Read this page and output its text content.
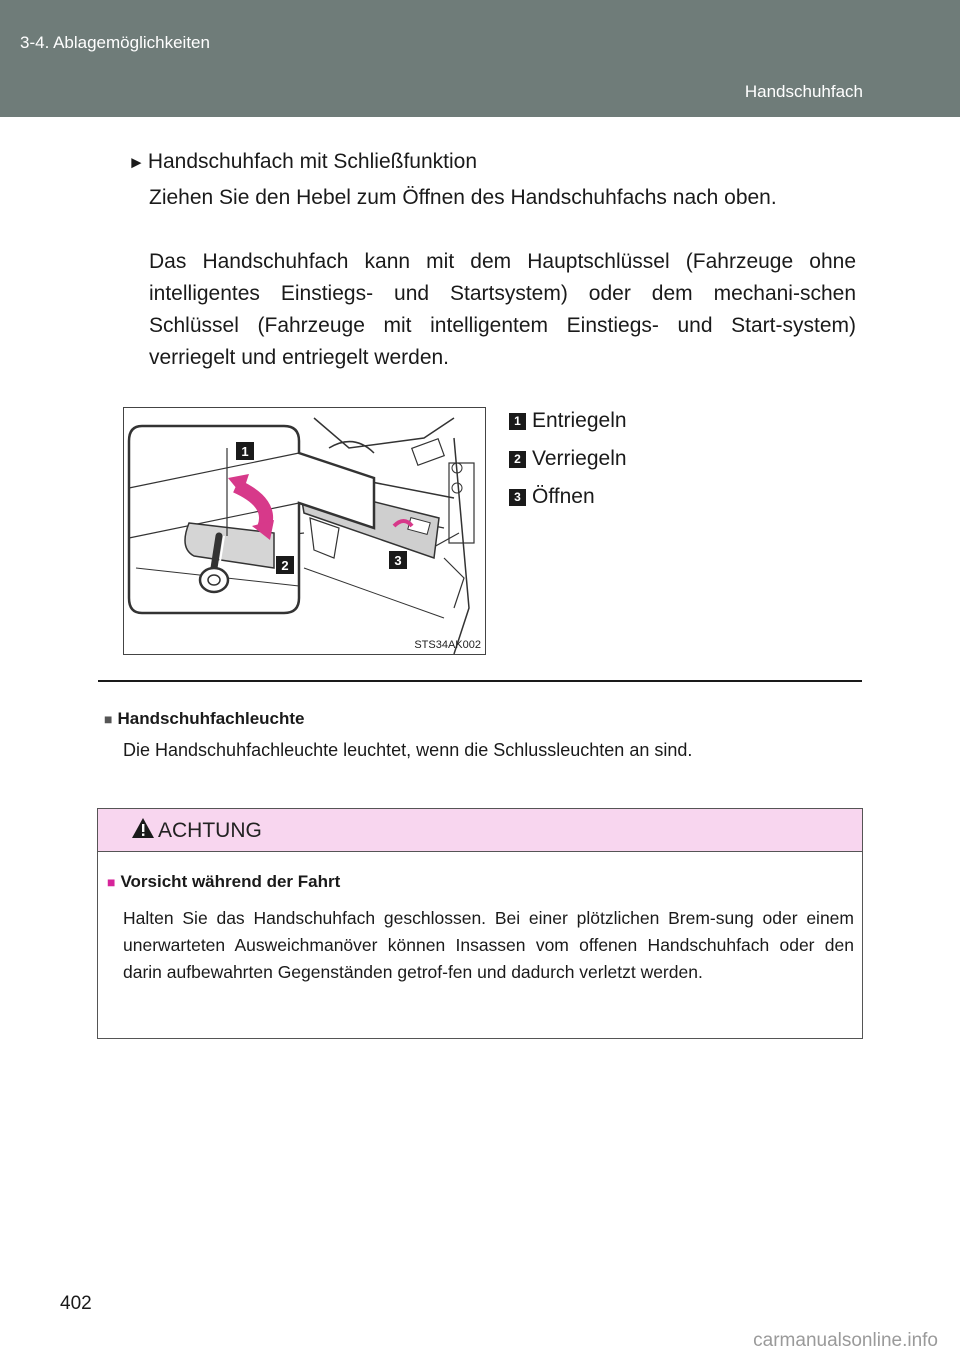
3-4. Ablagemöglichkeiten
Handschuhfach
► Handschuhfach mit Schließfunktion

Ziehen Sie den Hebel zum Öffnen des Handschuhfachs nach oben.

Das Handschuhfach kann mit dem Hauptschlüssel (Fahrzeuge ohne intelligentes Einstiegs- und Startsystem) oder dem mechani-schen Schlüssel (Fahrzeuge mit intelligentem Einstiegs- und Start-system) verriegelt und entriegelt werden.

1
2	3
STS34AK002
1 Entriegeln
2 Verriegeln
3 Öffnen
■ Handschuhfachleuchte
Die Handschuhfachleuchte leuchtet, wenn die Schlussleuchten an sind.
ACHTUNG
■ Vorsicht während der Fahrt

Halten Sie das Handschuhfach geschlossen. Bei einer plötzlichen Brem-sung oder einem unerwarteten Ausweichmanöver können Insassen vom offenen Handschuhfach oder den darin aufbewahrten Gegenständen getrof-fen und dadurch verletzt werden.

402
carmanualsonline.info
